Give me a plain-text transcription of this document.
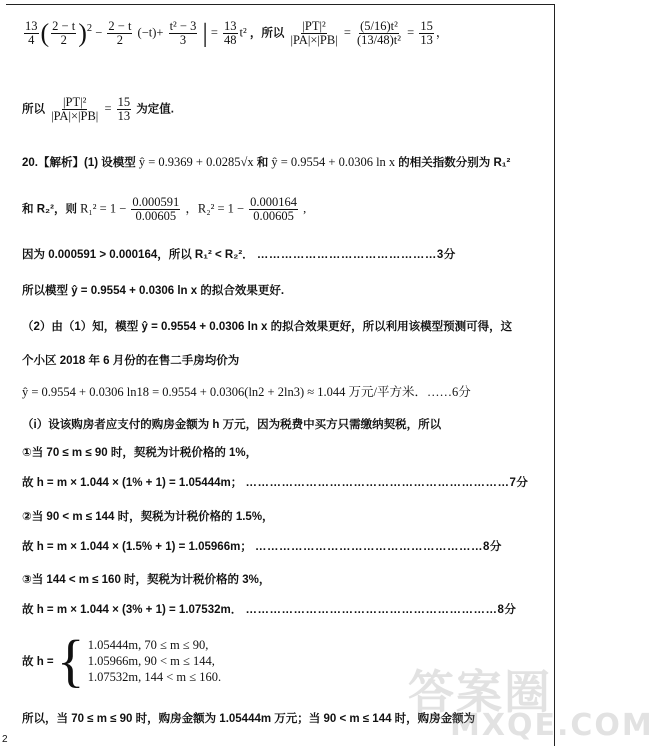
$\frac{13}{4}$ ( $\frac{2 - t}{2} )^2 - \frac{2 - t}{2} (-t)+ \frac{\text{t² − 3}}{3}$ | = $\frac{13}{48} t^2$ ，所以 $\frac{\text{|PT|²}}{|PA|\times|PB|} = \frac{\text{(5/16)t²}}{\text{(13/48)t²}} = \frac{15}{13}$ ，
所以 $\frac{\text{|PT|²}}{|PA|\times|PB|} = \frac{15}{13}$ 为定值.
20.【解析】(1) 设模型 ŷ = 0.9369 + 0.0285√x 和 ŷ = 0.9554 + 0.0306 ln x 的相关指数分别为 R₁²
和 R₂²，则 $R_1^2 = 1 - \frac{0.000591}{0.00605}$ ，$R_2^2 = 1 - \frac{0.000164}{0.00605}$ ,
因为 0.000591 > 0.000164，所以 R₁² < R₂²． ………………………………………3分
所以模型 ŷ = 0.9554 + 0.0306 ln x 的拟合效果更好.
（2）由（1）知，模型 ŷ = 0.9554 + 0.0306 ln x 的拟合效果更好，所以利用该模型预测可得，这
个小区 2018 年 6 月份的在售二手房均价为
ŷ = 0.9554 + 0.0306 ln18 = 0.9554 + 0.0306(ln2 + 2ln3) ≈ 1.044 万元/平方米．……6分
（i）设该购房者应支付的购房金额为 h 万元，因为税费中买方只需缴纳契税，所以
①当 70 ≤ m ≤ 90 时，契税为计税价格的 1%，
故 h = m × 1.044 × (1% + 1) = 1.05444m； …………………………………………………………7分
②当 90 < m ≤ 144 时，契税为计税价格的 1.5%，
故 h = m × 1.044 × (1.5% + 1) = 1.05966m； …………………………………………………8分
③当 144 < m ≤ 160 时，契税为计税价格的 3%，
故 h = m × 1.044 × (3% + 1) = 1.07532m． ………………………………………………………8分
故 h = { 1.05444m, 70 ≤ m ≤ 90,
1.05966m, 90 < m ≤ 144,
1.07532m, 144 < m ≤ 160.
所以，当 70 ≤ m ≤ 90 时，购房金额为 1.05444m 万元；当 90 < m ≤ 144 时，购房金额为
答案圈
MXQE.COM
2
